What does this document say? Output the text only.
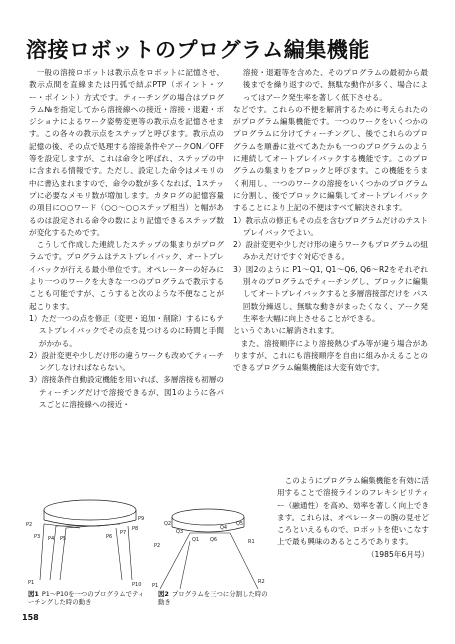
溶接ロボットのプログラム編集機能

一般の溶接ロボットは教示点をロボットに記憶させ、教示点間を直線または円弧で結ぶPTP（ポイント・ツー・ポイント）方式です。ティーチングの場合はプログラム№を指定してから溶接線への接近・溶接・退避・ポジショナによるワーク姿勢変更等の教示点を記憶させます。この各々の教示点をステップと呼びます。教示点の記憶の後、その点で処理する溶接条件やアークON／OFF等を設定しますが、これは命令と呼ばれ、ステップの中に含まれる情報です。ただし、設定した命令はメモリの中に書込まれますので、命令の数が多くなれば、1ステップに必要なメモリ数が増加します。カタログの記憶容量の項目に○○ワード（○○～○○ステップ相当）と幅があるのは設定される命令の数により記憶できるステップ数が変化するためです。

こうして作成した連続したステップの集まりがプログラムです。プログラムはテストプレイバック、オートプレイバックが行える最小単位です。オペレーターの好みにより一つのワークを大きな一つのプログラムで教示することも可能ですが、こうすると次のような不便なことが起こります。

1）ただ一つの点を修正（変更・追加・削除）するにもテストプレイバックでその点を見つけるのに時間と手間がかかる。

2）設計変更や少しだけ形の違うワークも改めてティーチングしなければならない。

3）溶接条件自動設定機能を用いれば、多層溶接も初層のティーチングだけで溶接できるが、図1のように各パスごとに溶接線への接近・

溶接・退避等を含めた、そのプログラムの最初から最後までを繰り返すので、無駄な動作が多く、場合によってはアーク発生率を著しく低下させる。

などです。これらの不便を解消するために考えられたのがプログラム編集機能です。一つのワークをいくつかのプログラムに分けてティーチングし、後でこれらのプログラムを順番に並べてあたかも一つのプログラムのように連続してオートプレイバックする機能です。このプログラムの集まりをブロックと呼びます。この機能をうまく利用し、一つのワークの溶接をいくつかのプログラムに分割し、後でブロックに編集してオートプレイバックすることにより上記の不便はすべて解決されます。

1）教示点の修正もその点を含むプログラムだけのテストプレイバックでよい。

2）設計変更や少しだけ形の違うワークもプログラムの組みかえだけですぐ対応できる。

3）図2のように P1～Q1, Q1～Q6, Q6～R2をそれぞれ別々のプログラムでティーチングし、ブロックに編集してオートプレイバックすると多層溶接部だけを パス回数分繰返し、無駄な動きがまったくなく、アーク発生率を大幅に向上させることができる。

というぐあいに解消されます。

また、溶接順序により溶接熱ひずみ等が違う場合がありますが、これにも溶接順序を自由に組みかえることのできるプログラム編集機能は大変有効です。

このようにプログラム編集機能を有効に活用することで溶接ラインのフレキシビリティー（融通性）を高め、効率を著しく向上できます。これらは、オペレーターの腕の見せどころといえるもので、ロボットを使いこなす上で最も興味のあるところであります。

（1985年6月号）

P2
P3 P4 P5	P6
P7
P8
P9
P1	P10
図1 P1～P10を一つのプログラムでティーチングした時の動き
Q2
Q3
Q4
Q5
Q1 Q6	R1
P2
P1
R2
図2 プログラムを三つに分割した時の動き
158
